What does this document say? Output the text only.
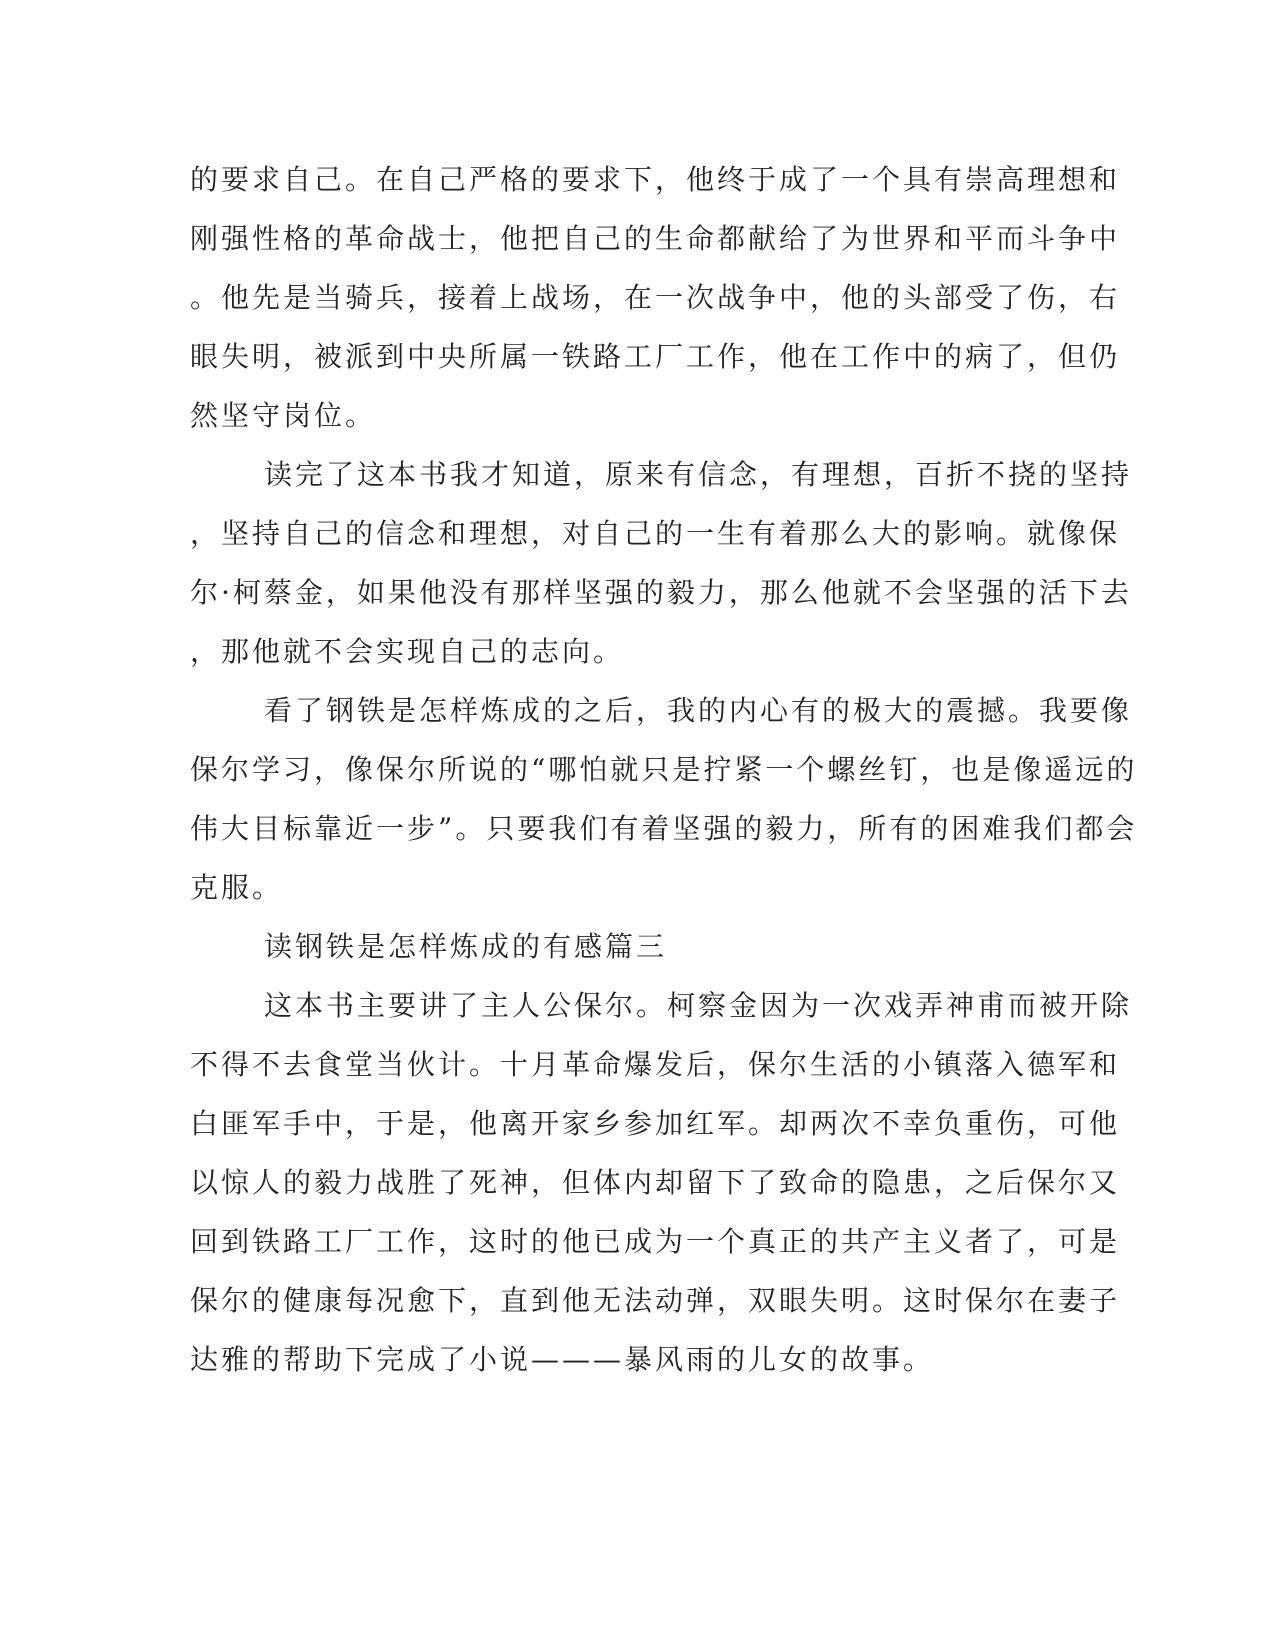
的要求自己。在自己严格的要求下，他终于成了一个具有崇高理想和
刚强性格的革命战士，他把自己的生命都献给了为世界和平而斗争中
。他先是当骑兵，接着上战场，在一次战争中，他的头部受了伤，右
眼失明，被派到中央所属一铁路工厂工作，他在工作中的病了，但仍
然坚守岗位。
读完了这本书我才知道，原来有信念，有理想，百折不挠的坚持
，坚持自己的信念和理想，对自己的一生有着那么大的影响。就像保
尔·柯蔡金，如果他没有那样坚强的毅力，那么他就不会坚强的活下去
，那他就不会实现自己的志向。
看了钢铁是怎样炼成的之后，我的内心有的极大的震撼。我要像
保尔学习，像保尔所说的“哪怕就只是拧紧一个螺丝钉，也是像遥远的
伟大目标靠近一步”。只要我们有着坚强的毅力，所有的困难我们都会
克服。
读钢铁是怎样炼成的有感篇三
这本书主要讲了主人公保尔。柯察金因为一次戏弄神甫而被开除
不得不去食堂当伙计。十月革命爆发后，保尔生活的小镇落入德军和
白匪军手中，于是，他离开家乡参加红军。却两次不幸负重伤，可他
以惊人的毅力战胜了死神，但体内却留下了致命的隐患，之后保尔又
回到铁路工厂工作，这时的他已成为一个真正的共产主义者了，可是
保尔的健康每况愈下，直到他无法动弹，双眼失明。这时保尔在妻子
达雅的帮助下完成了小说———暴风雨的儿女的故事。
